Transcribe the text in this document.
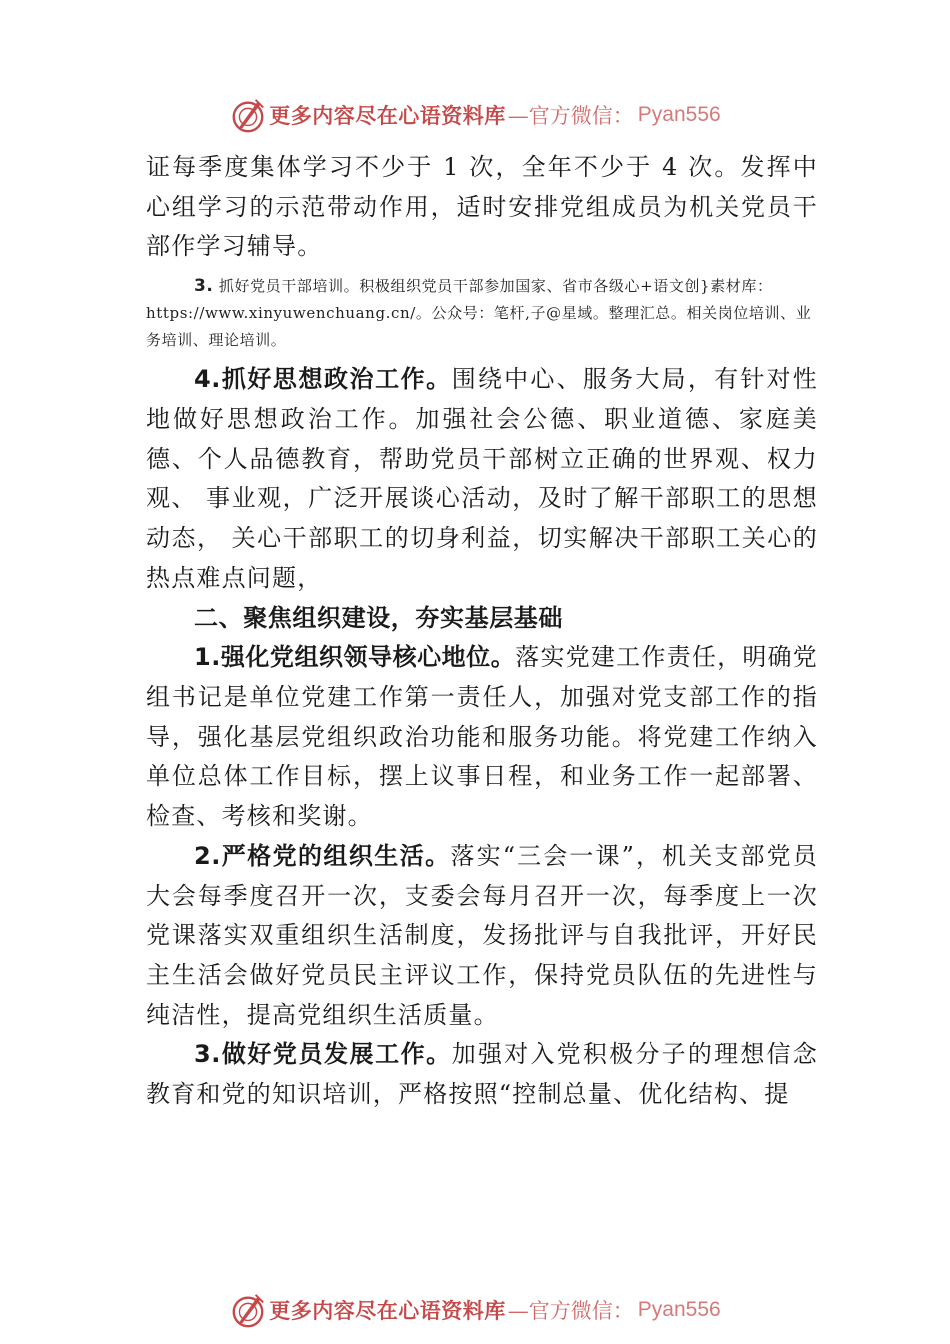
更多内容尽在心语资料库 —官方微信： Pyan556

证每季度集体学习不少于 1 次，全年不少于 4 次。发挥中心组学习的示范带动作用，适时安排党组成员为机关党员干部作学习辅导。

3. 抓好党员干部培训。积极组织党员干部参加国家、省市各级心+语文创}素材库：https://www.xinyuwenchuang.cn/。公众号：笔杆,子@星域。整理汇总。相关岗位培训、业务培训、理论培训。

4.抓好思想政治工作。围绕中心、服务大局，有针对性地做好思想政治工作。加强社会公德、职业道德、家庭美德、个人品德教育，帮助党员干部树立正确的世界观、权力观、 事业观，广泛开展谈心活动，及时了解干部职工的思想动态， 关心干部职工的切身利益，切实解决干部职工关心的热点难点问题，

二、聚焦组织建设，夯实基层基础

1.强化党组织领导核心地位。落实党建工作责任，明确党组书记是单位党建工作第一责任人，加强对党支部工作的指导，强化基层党组织政治功能和服务功能。将党建工作纳入单位总体工作目标，摆上议事日程，和业务工作一起部署、检查、考核和奖谢。

2.严格党的组织生活。落实“三会一课”，机关支部党员大会每季度召开一次，支委会每月召开一次，每季度上一次党课落实双重组织生活制度，发扬批评与自我批评，开好民主生活会做好党员民主评议工作，保持党员队伍的先进性与纯洁性，提高党组织生活质量。

3.做好党员发展工作。加强对入党积极分子的理想信念教育和党的知识培训，严格按照“控制总量、优化结构、提

更多内容尽在心语资料库 —官方微信： Pyan556
